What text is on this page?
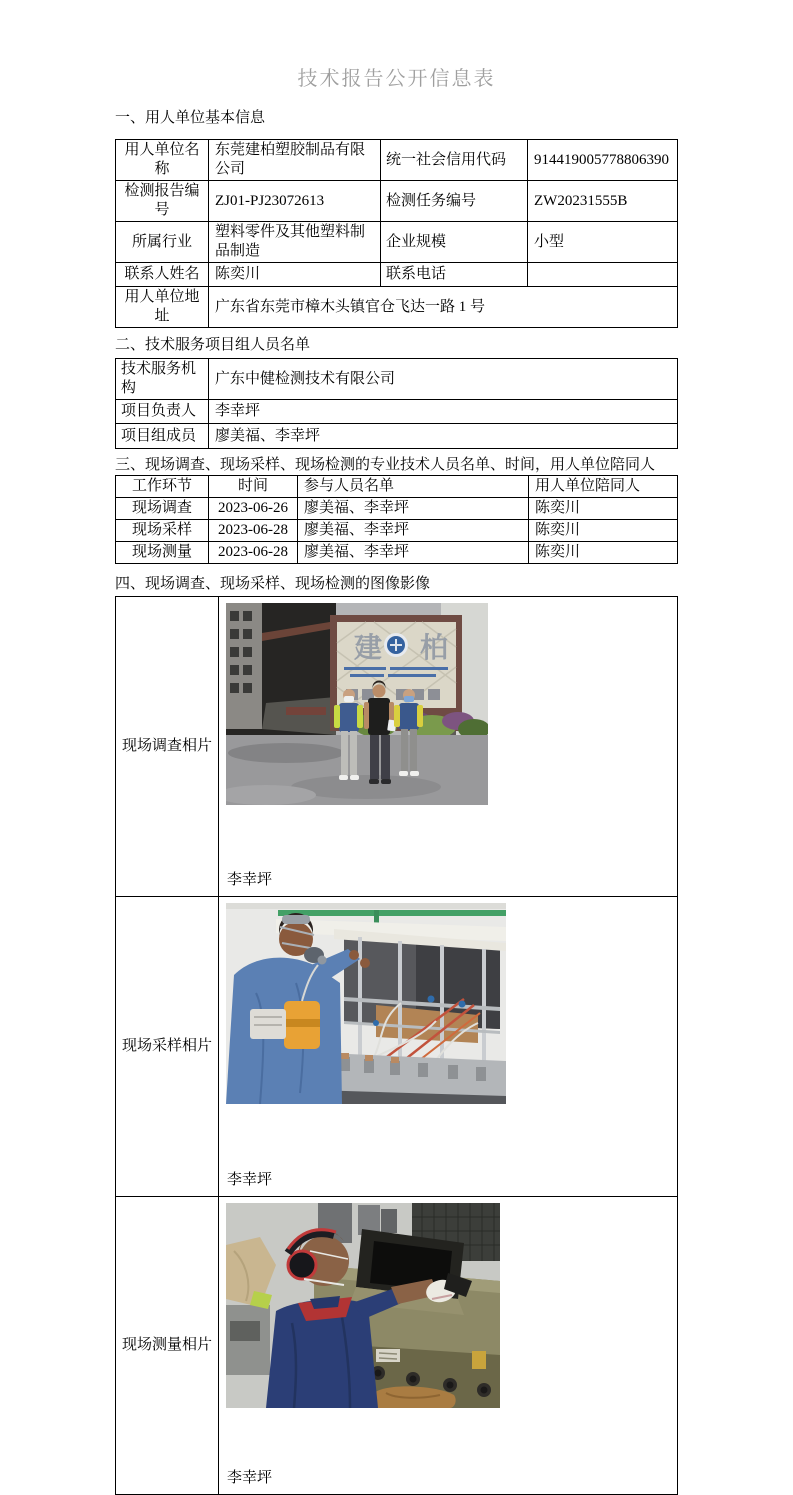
技术报告公开信息表
一、用人单位基本信息
用人单位名称	东莞建柏塑胶制品有限公司	统一社会信用代码	914419005778806390
检测报告编号	ZJ01-PJ23072613	检测任务编号	ZW20231555B
所属行业	塑料零件及其他塑料制品制造	企业规模	小型
联系人姓名	陈奕川	联系电话	
用人单位地址	广东省东莞市樟木头镇官仓飞达一路 1 号		
二、技术服务项目组人员名单
技术服务机构	广东中健检测技术有限公司
项目负责人	李幸坪
项目组成员	廖美福、李幸坪
三、现场调查、现场采样、现场检测的专业技术人员名单、时间，用人单位陪同人
工作环节	时间	参与人员名单	用人单位陪同人
现场调查	2023-06-26	廖美福、李幸坪	陈奕川
现场采样	2023-06-28	廖美福、李幸坪	陈奕川
现场测量	2023-06-28	廖美福、李幸坪	陈奕川
四、现场调查、现场采样、现场检测的图像影像
现场调查相片	建 柏
李幸坪

现场采样相片	李幸坪

现场测量相片	李幸坪
